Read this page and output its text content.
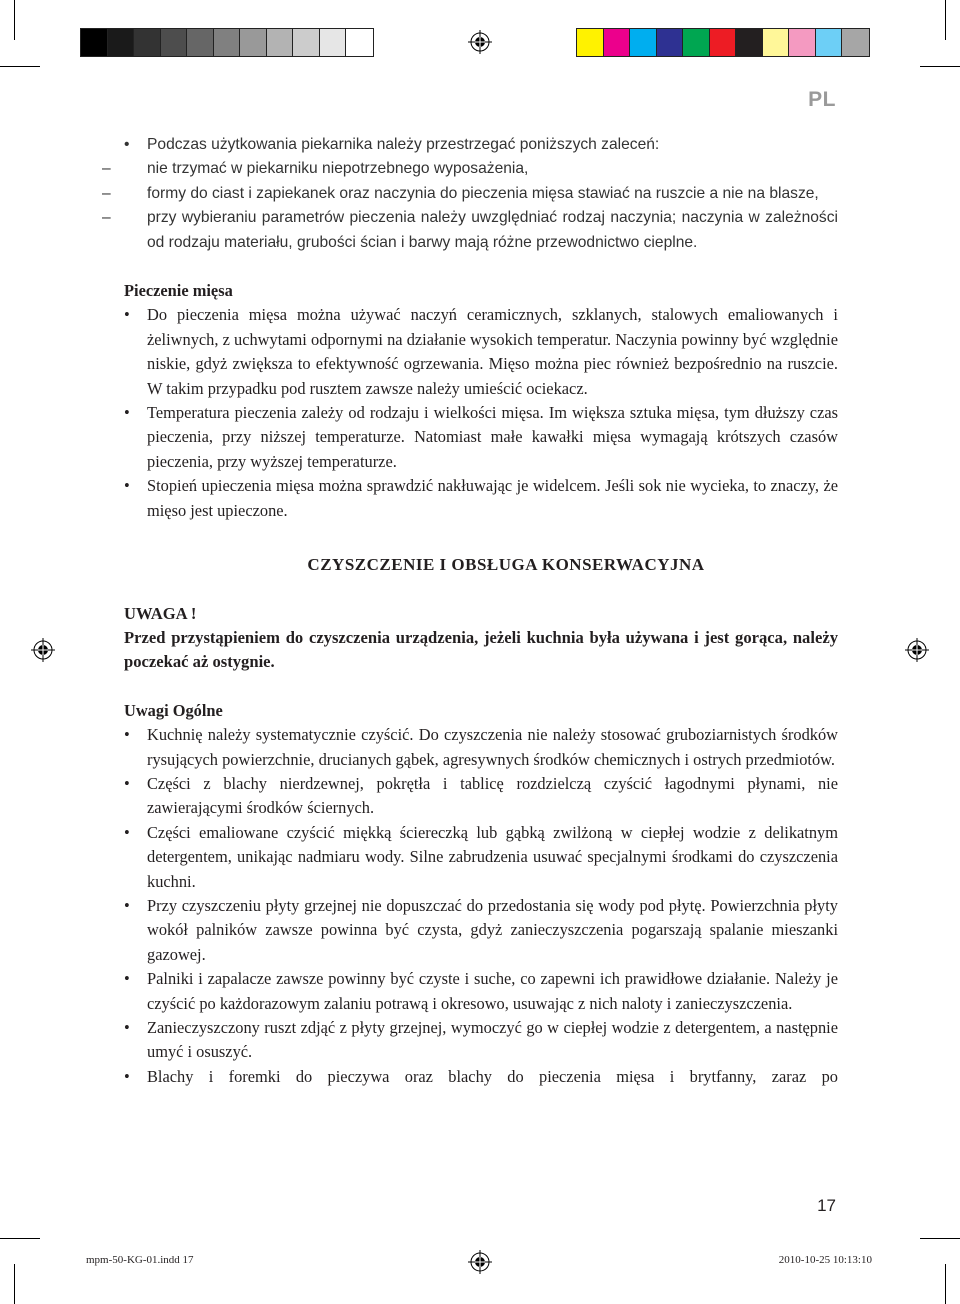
PL
•	Podczas użytkowania piekarnika należy przestrzegać poniższych zaleceń:
–	nie trzymać w piekarniku niepotrzebnego wyposażenia,
–	formy do ciast i zapiekanek oraz naczynia do pieczenia mięsa stawiać na ruszcie a nie na blasze,
–	przy wybieraniu parametrów pieczenia należy uwzględniać rodzaj naczynia; naczynia w zależności od rodzaju materiału, grubości ścian i barwy mają różne przewodnictwo cieplne.
Pieczenie mięsa
•	Do pieczenia mięsa można używać naczyń ceramicznych, szklanych, stalowych emaliowanych i żeliwnych, z uchwytami odpornymi na działanie wysokich temperatur. Naczynia powinny być względnie niskie, gdyż zwiększa to efektywność ogrzewania. Mięso można piec również bezpośrednio na ruszcie. W takim przypadku pod rusztem zawsze należy umieścić ociekacz.
•	Temperatura pieczenia zależy od rodzaju i wielkości mięsa. Im większa sztuka mięsa, tym dłuższy czas pieczenia, przy niższej temperaturze. Natomiast małe kawałki mięsa wymagają krótszych czasów pieczenia, przy wyższej temperaturze.
•	Stopień upieczenia mięsa można sprawdzić nakłuwając je widelcem. Jeśli sok nie wycieka, to znaczy, że mięso jest upieczone.
CZYSZCZENIE I OBSŁUGA KONSERWACYJNA
UWAGA !
Przed przystąpieniem do czyszczenia urządzenia, jeżeli kuchnia była używana i jest gorąca, należy poczekać aż ostygnie.
Uwagi Ogólne
•	Kuchnię należy systematycznie czyścić. Do czyszczenia nie należy stosować gruboziarnistych środków rysujących powierzchnie, drucianych gąbek, agresywnych środków chemicznych i ostrych przedmiotów.
•	Części z blachy nierdzewnej, pokrętła i tablicę rozdzielczą czyścić łagodnymi płynami, nie zawierającymi środków ściernych.
•	Części emaliowane czyścić miękką ściereczką lub gąbką zwilżoną w ciepłej wodzie z delikatnym detergentem, unikając nadmiaru wody. Silne zabrudzenia usuwać specjalnymi środkami do czyszczenia kuchni.
•	Przy czyszczeniu płyty grzejnej nie dopuszczać do przedostania się wody pod płytę. Powierzchnia płyty wokół palników zawsze powinna być czysta, gdyż zanieczyszczenia pogarszają spalanie mieszanki gazowej.
•	Palniki i zapalacze zawsze powinny być czyste i suche, co zapewni ich prawidłowe działanie. Należy je czyścić po każdorazowym zalaniu potrawą i okresowo, usuwając z nich naloty i zanieczyszczenia.
•	Zanieczyszczony ruszt zdjąć z płyty grzejnej, wymoczyć go w ciepłej wodzie z detergentem, a następnie umyć i osuszyć.
•	Blachy i foremki do pieczywa oraz blachy do pieczenia mięsa i brytfanny, zaraz po
17
mpm-50-KG-01.indd 17	2010-10-25 10:13:10
